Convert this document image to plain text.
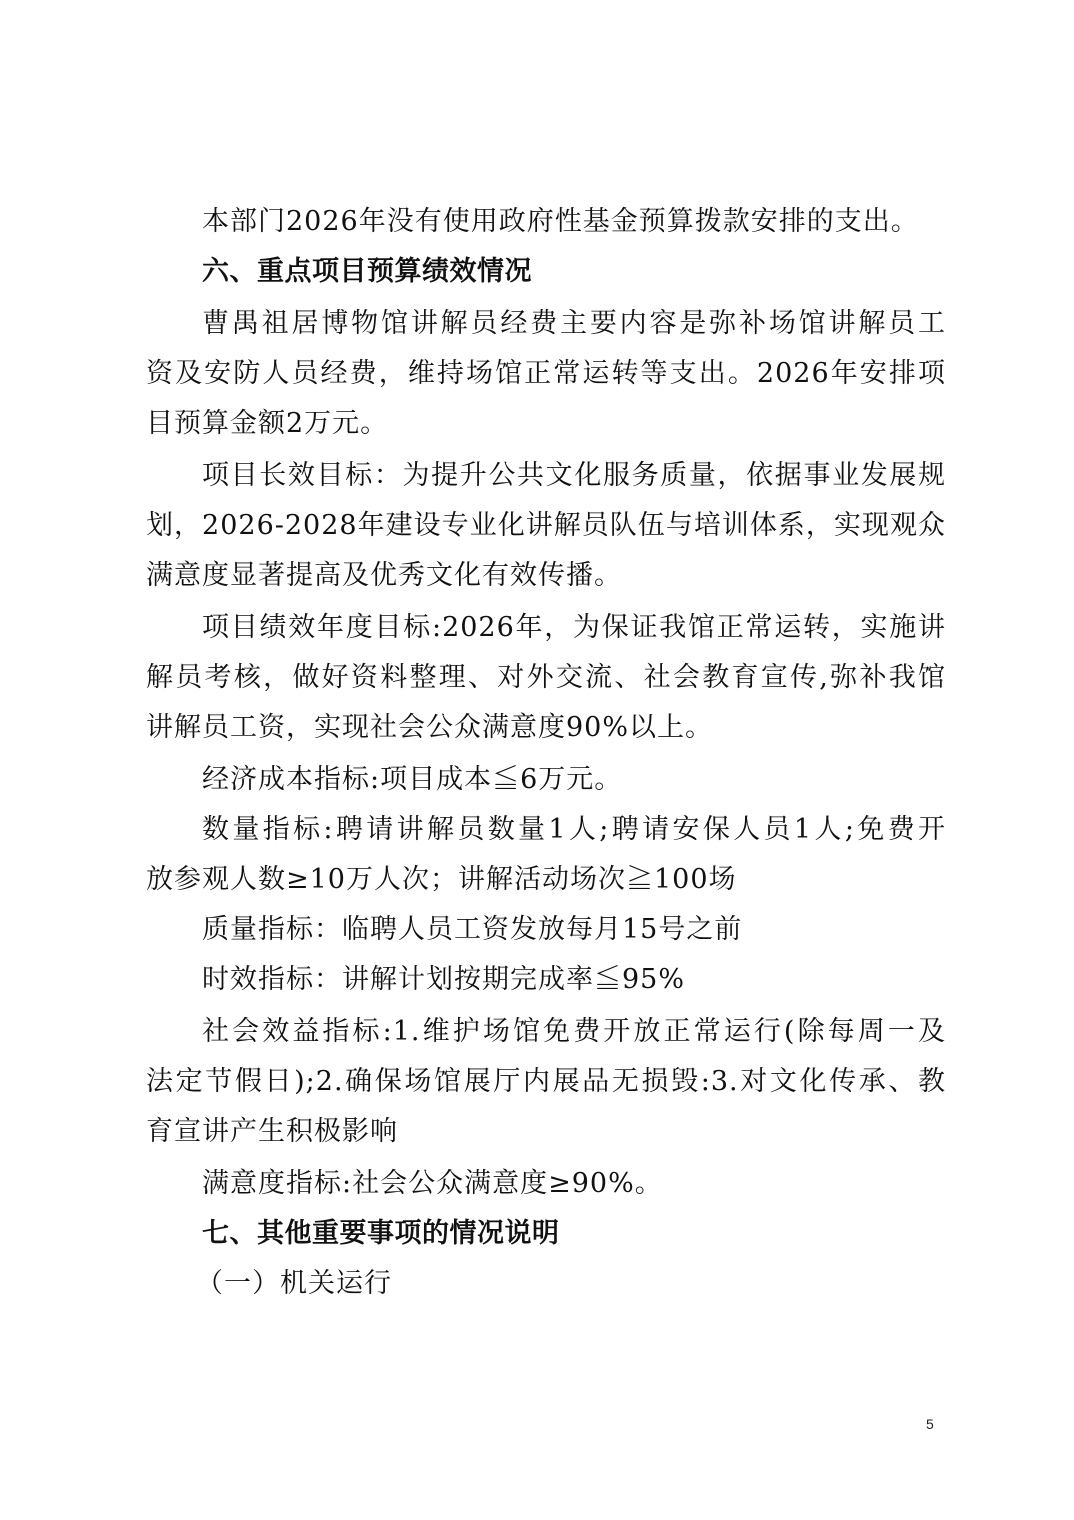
本部门2026年没有使用政府性基金预算拨款安排的支出。
六、重点项目预算绩效情况
曹禺祖居博物馆讲解员经费主要内容是弥补场馆讲解员工
资及安防人员经费，维持场馆正常运转等支出。2026年安排项
目预算金额2万元。
项目长效目标：为提升公共文化服务质量，依据事业发展规
划，2026-2028年建设专业化讲解员队伍与培训体系，实现观众
满意度显著提高及优秀文化有效传播。
项目绩效年度目标:2026年，为保证我馆正常运转，实施讲
解员考核，做好资料整理、对外交流、社会教育宣传,弥补我馆
讲解员工资，实现社会公众满意度90%以上。
经济成本指标:项目成本≦6万元。
数量指标:聘请讲解员数量1人;聘请安保人员1人;免费开
放参观人数≥10万人次；讲解活动场次≧100场
质量指标：临聘人员工资发放每月15号之前
时效指标：讲解计划按期完成率≦95%
社会效益指标:1.维护场馆免费开放正常运行(除每周一及
法定节假日);2.确保场馆展厅内展品无损毁:3.对文化传承、教
育宣讲产生积极影响
满意度指标:社会公众满意度≥90%。
七、其他重要事项的情况说明
（一）机关运行
5
